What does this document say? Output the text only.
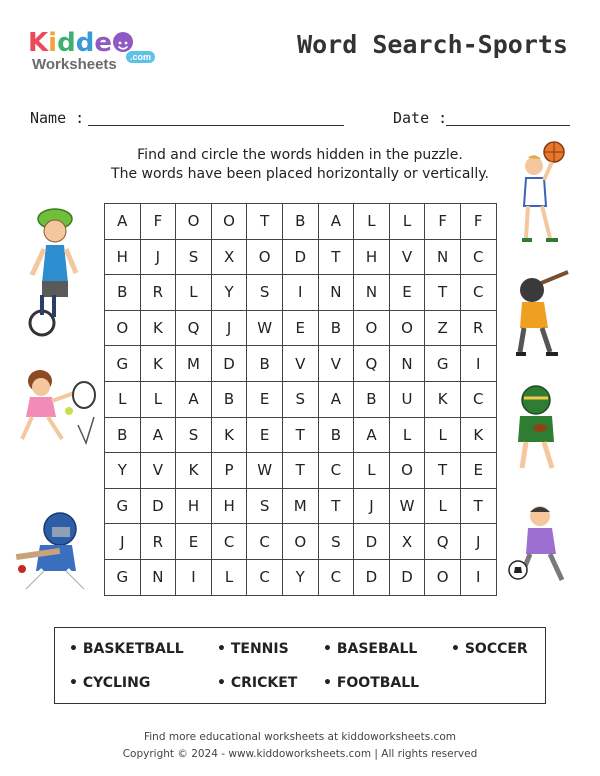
Kidde
Worksheets	.com	Word Search-Sports
Name :	Date :
Find and circle the words hidden in the puzzle.
The words have been placed horizontally or vertically.
A	F	O	O	T	B	A	L	L	F	F
H	J	S	X	O	D	T	H	V	N	C
B	R	L	Y	S	I	N	N	E	T	C
O	K	Q	J	W	E	B	O	O	Z	R
G	K	M	D	B	V	V	Q	N	G	I
L	L	A	B	E	S	A	B	U	K	C
B	A	S	K	E	T	B	A	L	L	K
Y	V	K	P	W	T	C	L	O	T	E
G	D	H	H	S	M	T	J	W	L	T
J	R	E	C	C	O	S	D	X	Q	J
G	N	I	L	C	Y	C	D	D	O	I
• BASKETBALL • TENNIS • BASEBALL • SOCCER
• CYCLING	• CRICKET • FOOTBALL
Find more educational worksheets at kiddoworksheets.com
Copyright © 2024 - www.kiddoworksheets.com | All rights reserved
